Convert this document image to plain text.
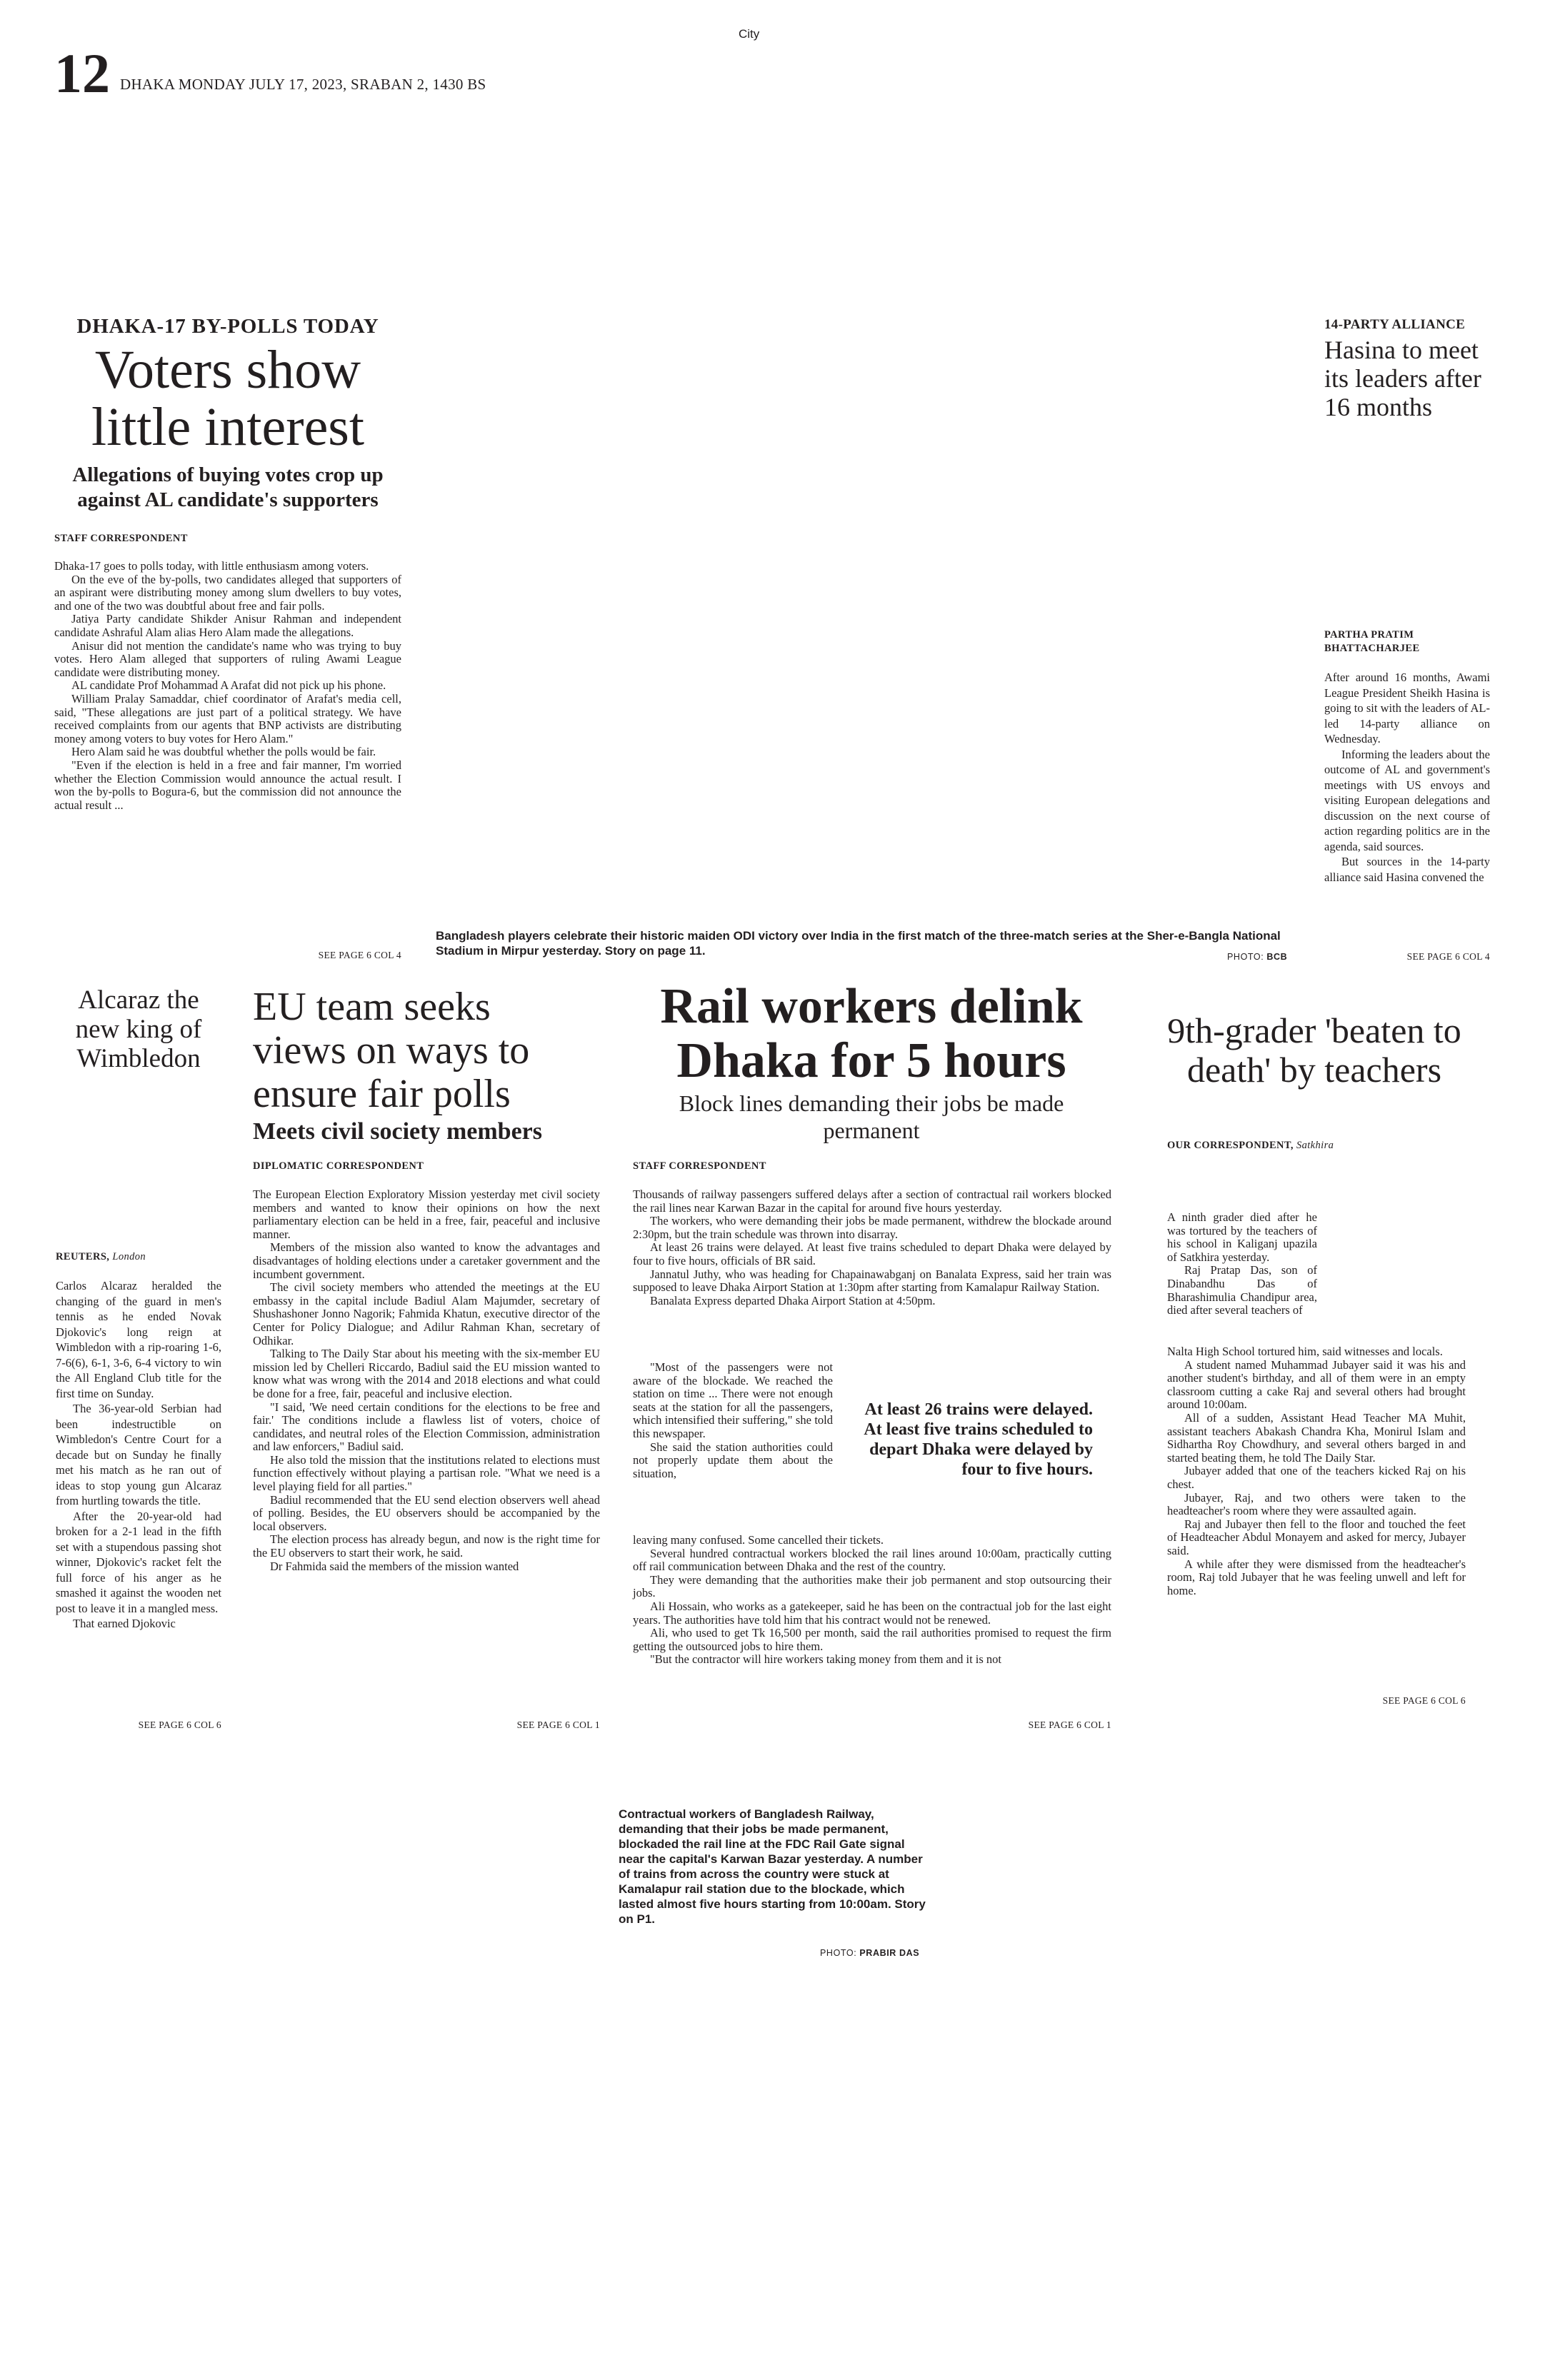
City
12 DHAKA MONDAY JULY 17, 2023, SRABAN 2, 1430 BS
DHAKA-17 BY-POLLS TODAY
Voters show little interest
Allegations of buying votes crop up against AL candidate's supporters
STAFF CORRESPONDENT

Dhaka-17 goes to polls today, with little enthusiasm among voters.

On the eve of the by-polls, two candidates alleged that supporters of an aspirant were distributing money among slum dwellers to buy votes, and one of the two was doubtful about free and fair polls.

Jatiya Party candidate Shikder Anisur Rahman and independent candidate Ashraful Alam alias Hero Alam made the allegations.

Anisur did not mention the candidate's name who was trying to buy votes. Hero Alam alleged that supporters of ruling Awami League candidate were distributing money.

AL candidate Prof Mohammad A Arafat did not pick up his phone.

William Pralay Samaddar, chief coordinator of Arafat's media cell, said, "These allegations are just part of a political strategy. We have received complaints from our agents that BNP activists are distributing money among voters to buy votes for Hero Alam."

Hero Alam said he was doubtful whether the polls would be fair.

"Even if the election is held in a free and fair manner, I'm worried whether the Election Commission would announce the actual result. I won the by-polls to Bogura-6, but the commission did not announce the actual result ...

SEE PAGE 6 COL 4
Bangladesh players celebrate their historic maiden ODI victory over India in the first match of the three-match series at the Sher-e-Bangla National Stadium in Mirpur yesterday. Story on page 11.	PHOTO: BCB
14-PARTY ALLIANCE
Hasina to meet its leaders after 16 months
PARTHA PRATIM BHATTACHARJEE

After around 16 months, Awami League President Sheikh Hasina is going to sit with the leaders of AL-led 14-party alliance on Wednesday.

Informing the leaders about the outcome of AL and government's meetings with US envoys and visiting European delegations and discussion on the next course of action regarding politics are in the agenda, said sources.

But sources in the 14-party alliance said Hasina convened the

SEE PAGE 6 COL 4
Alcaraz the new king of Wimbledon
REUTERS, London

Carlos Alcaraz heralded the changing of the guard in men's tennis as he ended Novak Djokovic's long reign at Wimbledon with a rip-roaring 1-6, 7-6(6), 6-1, 3-6, 6-4 victory to win the All England Club title for the first time on Sunday.

The 36-year-old Serbian had been indestructible on Wimbledon's Centre Court for a decade but on Sunday he finally met his match as he ran out of ideas to stop young gun Alcaraz from hurtling towards the title.

After the 20-year-old had broken for a 2-1 lead in the fifth set with a stupendous passing shot winner, Djokovic's racket felt the full force of his anger as he smashed it against the wooden net post to leave it in a mangled mess.

That earned Djokovic

SEE PAGE 6 COL 6
EU team seeks views on ways to ensure fair polls
Meets civil society members
DIPLOMATIC CORRESPONDENT

The European Election Exploratory Mission yesterday met civil society members and wanted to know their opinions on how the next parliamentary election can be held in a free, fair, peaceful and inclusive manner.

Members of the mission also wanted to know the advantages and disadvantages of holding elections under a caretaker government and the incumbent government.

The civil society members who attended the meetings at the EU embassy in the capital include Badiul Alam Majumder, secretary of Shushashoner Jonno Nagorik; Fahmida Khatun, executive director of the Center for Policy Dialogue; and Adilur Rahman Khan, secretary of Odhikar.

Talking to The Daily Star about his meeting with the six-member EU mission led by Chelleri Riccardo, Badiul said the EU mission wanted to know what was wrong with the 2014 and 2018 elections and what could be done for a free, fair, peaceful and inclusive election.

"I said, 'We need certain conditions for the elections to be free and fair.' The conditions include a flawless list of voters, choice of candidates, and neutral roles of the Election Commission, administration and law enforcers," Badiul said.

He also told the mission that the institutions related to elections must function effectively without playing a partisan role. "What we need is a level playing field for all parties."

Badiul recommended that the EU send election observers well ahead of polling. Besides, the EU observers should be accompanied by the local observers.

The election process has already begun, and now is the right time for the EU observers to start their work, he said.

Dr Fahmida said the members of the mission wanted

SEE PAGE 6 COL 1
Rail workers delink Dhaka for 5 hours
Block lines demanding their jobs be made permanent
STAFF CORRESPONDENT

Thousands of railway passengers suffered delays after a section of contractual rail workers blocked the rail lines near Karwan Bazar in the capital for around five hours yesterday.

The workers, who were demanding their jobs be made permanent, withdrew the blockade around 2:30pm, but the train schedule was thrown into disarray.

At least 26 trains were delayed. At least five trains scheduled to depart Dhaka were delayed by four to five hours, officials of BR said.

Jannatul Juthy, who was heading for Chapainawabganj on Banalata Express, said her train was supposed to leave Dhaka Airport Station at 1:30pm after starting from Kamalapur Railway Station.

Banalata Express departed Dhaka Airport Station at 4:50pm.

"Most of the passengers were not aware of the blockade. We reached the station on time ... There were not enough seats at the station for all the passengers, which intensified their suffering," she told this newspaper.

She said the station authorities could not properly update them about the situation,

At least 26 trains were delayed. At least five trains scheduled to depart Dhaka were delayed by four to five hours.

leaving many confused. Some cancelled their tickets.

Several hundred contractual workers blocked the rail lines around 10:00am, practically cutting off rail communication between Dhaka and the rest of the country.

They were demanding that the authorities make their job permanent and stop outsourcing their jobs.

Ali Hossain, who works as a gatekeeper, said he has been on the contractual job for the last eight years. The authorities have told him that his contract would not be renewed.

Ali, who used to get Tk 16,500 per month, said the rail authorities promised to request the firm getting the outsourced jobs to hire them.

"But the contractor will hire workers taking money from them and it is not

SEE PAGE 6 COL 1
9th-grader 'beaten to death' by teachers
OUR CORRESPONDENT, Satkhira

A ninth grader died after he was tortured by the teachers of his school in Kaliganj upazila of Satkhira yesterday.

Raj Pratap Das, son of Dinabandhu Das of Bharashimulia Chandipur area, died after several teachers of

Nalta High School tortured him, said witnesses and locals.

A student named Muhammad Jubayer said it was his and another student's birthday, and all of them were in an empty classroom cutting a cake Raj and several others had brought around 10:00am.

All of a sudden, Assistant Head Teacher MA Muhit, assistant teachers Abakash Chandra Kha, Monirul Islam and Sidhartha Roy Chowdhury, and several others barged in and started beating them, he told The Daily Star.

Jubayer added that one of the teachers kicked Raj on his chest.

Jubayer, Raj, and two others were taken to the headteacher's room where they were assaulted again.

Raj and Jubayer then fell to the floor and touched the feet of Headteacher Abdul Monayem and asked for mercy, Jubayer said.

A while after they were dismissed from the headteacher's room, Raj told Jubayer that he was feeling unwell and left for home.

SEE PAGE 6 COL 6
Contractual workers of Bangladesh Railway, demanding that their jobs be made permanent, blockaded the rail line at the FDC Rail Gate signal near the capital's Karwan Bazar yesterday. A number of trains from across the country were stuck at Kamalapur rail station due to the blockade, which lasted almost five hours starting from 10:00am. Story on P1.
PHOTO: PRABIR DAS
